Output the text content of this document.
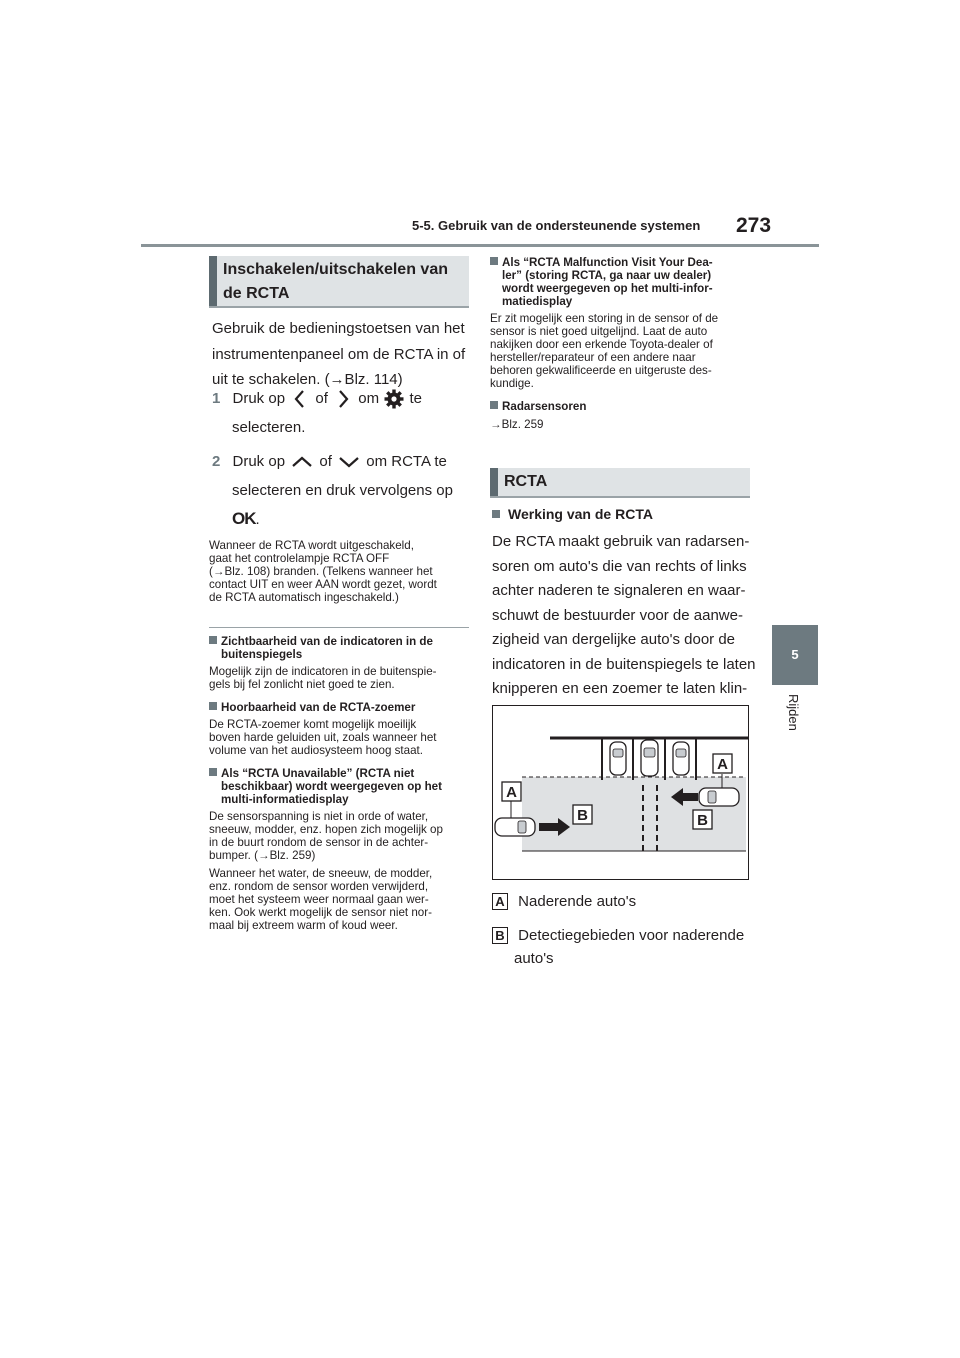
5-5. Gebruik van de ondersteunende systemen 273
5
Rijden
Inschakelen/uitschakelen van
de RCTA
Gebruik de bedieningstoetsen van het
instrumentenpaneel om de RCTA in of
uit te schakelen. (→Blz. 114)
1 Druk op of om te
selecteren.
2 Druk op of om RCTA te
selecteren en druk vervolgens op
OK.
Wanneer de RCTA wordt uitgeschakeld,
gaat het controlelampje RCTA OFF
(→Blz. 108) branden. (Telkens wanneer het
contact UIT en weer AAN wordt gezet, wordt
de RCTA automatisch ingeschakeld.)
Zichtbaarheid van de indicatoren in de
buitenspiegels
Mogelijk zijn de indicatoren in de buitenspie-
gels bij fel zonlicht niet goed te zien.
Hoorbaarheid van de RCTA-zoemer
De RCTA-zoemer komt mogelijk moeilijk
boven harde geluiden uit, zoals wanneer het
volume van het audiosysteem hoog staat.
Als “RCTA Unavailable” (RCTA niet
beschikbaar) wordt weergegeven op het
multi-informatiedisplay
De sensorspanning is niet in orde of water,
sneeuw, modder, enz. hopen zich mogelijk op
in de buurt rondom de sensor in de achter-
bumper. (→Blz. 259)
Wanneer het water, de sneeuw, de modder,
enz. rondom de sensor worden verwijderd,
moet het systeem weer normaal gaan wer-
ken. Ook werkt mogelijk de sensor niet nor-
maal bij extreem warm of koud weer.
Als “RCTA Malfunction Visit Your Dea-
ler” (storing RCTA, ga naar uw dealer)
wordt weergegeven op het multi-infor-
matiedisplay
Er zit mogelijk een storing in de sensor of de
sensor is niet goed uitgelijnd. Laat de auto
nakijken door een erkende Toyota-dealer of
hersteller/reparateur of een andere naar
behoren gekwalificeerde en uitgeruste des-
kundige.
Radarsensoren
→Blz. 259
RCTA
Werking van de RCTA
De RCTA maakt gebruik van radarsen-
soren om auto's die van rechts of links
achter naderen te signaleren en waar-
schuwt de bestuurder voor de aanwe-
zigheid van dergelijke auto's door de
indicatoren in de buitenspiegels te laten
knipperen en een zoemer te laten klin-
A
A
B	B
A Naderende auto's
B Detectiegebieden voor naderende
auto's
